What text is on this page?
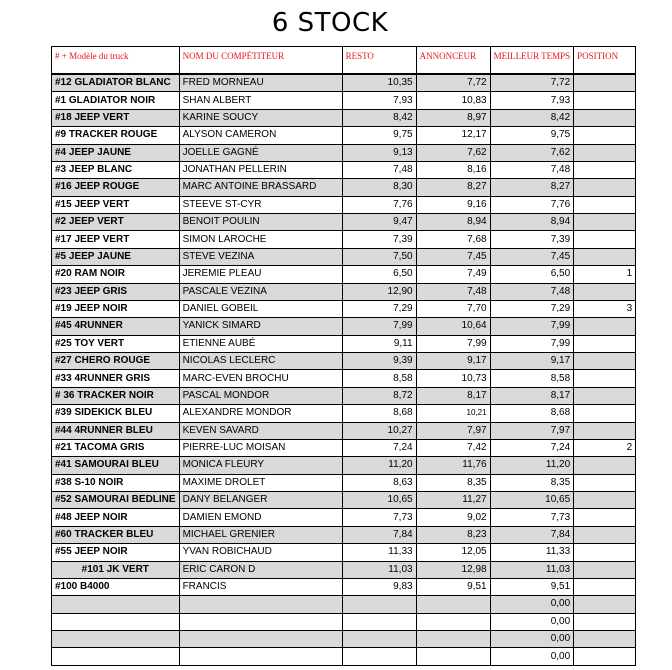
6 STOCK
# + Modèle du truck	NOM DU COMPÉTITEUR	RESTO	ANNONCEUR	MEILLEUR TEMPS	POSITION
#12 GLADIATOR BLANC	FRED MORNEAU	10,35	7,72	7,72	
#1 GLADIATOR NOIR	SHAN ALBERT	7,93	10,83	7,93	
#18 JEEP VERT	KARINE SOUCY	8,42	8,97	8,42	
#9 TRACKER ROUGE	ALYSON CAMERON	9,75	12,17	9,75	
#4 JEEP JAUNE	JOELLE GAGNÉ	9,13	7,62	7,62	
#3 JEEP BLANC	JONATHAN PELLERIN	7,48	8,16	7,48	
#16 JEEP ROUGE	MARC ANTOINE BRASSARD	8,30	8,27	8,27	
#15 JEEP VERT	STEEVE ST-CYR	7,76	9,16	7,76	
#2 JEEP VERT	BENOIT POULIN	9,47	8,94	8,94	
#17 JEEP VERT	SIMON LAROCHE	7,39	7,68	7,39	
#5 JEEP JAUNE	STEVE VEZINA	7,50	7,45	7,45	
#20 RAM NOIR	JEREMIE PLEAU	6,50	7,49	6,50	1
#23 JEEP GRIS	PASCALE VEZINA	12,90	7,48	7,48	
#19 JEEP NOIR	DANIEL GOBEIL	7,29	7,70	7,29	3
#45 4RUNNER	YANICK SIMARD	7,99	10,64	7,99	
#25 TOY VERT	ETIENNE AUBÉ	9,11	7,99	7,99	
#27 CHERO ROUGE	NICOLAS LECLERC	9,39	9,17	9,17	
#33 4RUNNER GRIS	MARC-EVEN BROCHU	8,58	10,73	8,58	
# 36 TRACKER NOIR	PASCAL MONDOR	8,72	8,17	8,17	
#39 SIDEKICK BLEU	ALEXANDRE MONDOR	8,68	10,21	8,68	
#44 4RUNNER BLEU	KEVEN SAVARD	10,27	7,97	7,97	
#21 TACOMA GRIS	PIERRE-LUC MOISAN	7,24	7,42	7,24	2
#41 SAMOURAI BLEU	MONICA FLEURY	11,20	11,76	11,20	
#38 S-10 NOIR	MAXIME DROLET	8,63	8,35	8,35	
#52 SAMOURAI BEDLINE	DANY BELANGER	10,65	11,27	10,65	
#48 JEEP NOIR	DAMIEN EMOND	7,73	9,02	7,73	
#60 TRACKER BLEU	MICHAEL GRENIER	7,84	8,23	7,84	
#55 JEEP NOIR	YVAN ROBICHAUD	11,33	12,05	11,33	
#101 JK VERT	ERIC CARON D	11,03	12,98	11,03	
#100 B4000	FRANCIS	9,83	9,51	9,51	
				0,00	
				0,00	
				0,00	
				0,00	
